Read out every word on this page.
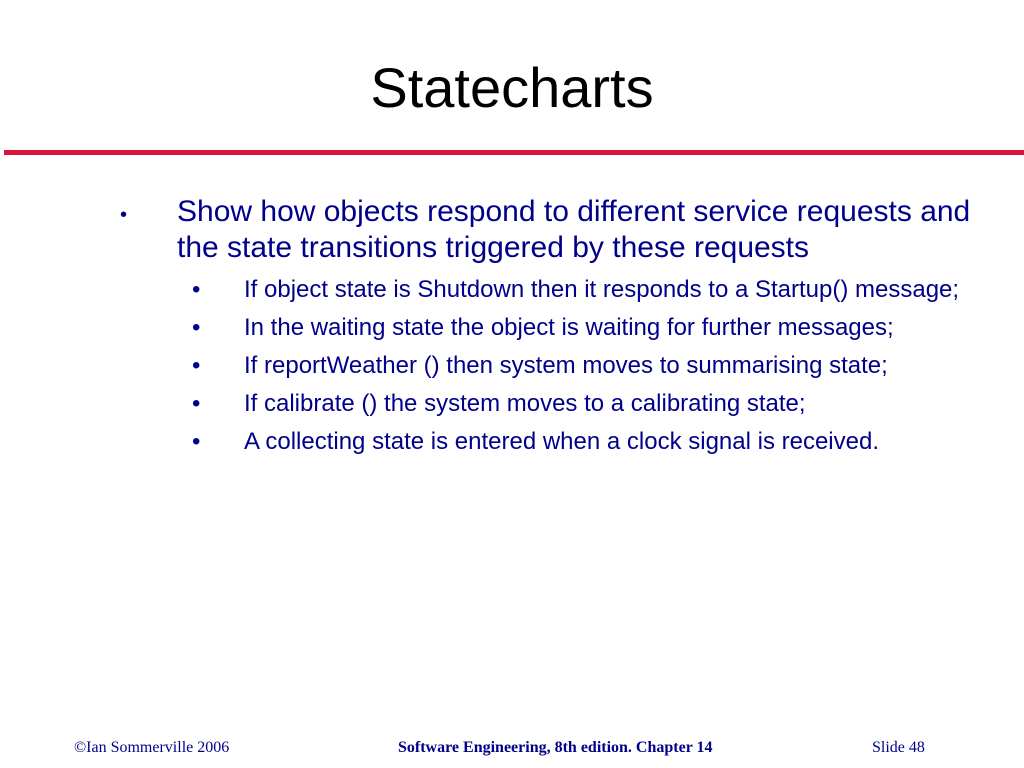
Statecharts
• Show how objects respond to different service requests and the state transitions triggered by these requests
• If object state is Shutdown then it responds to a Startup() message;
• In the waiting state the object is waiting for further messages;
• If reportWeather () then system moves to summarising state;
• If calibrate () the system moves to a calibrating state;
• A collecting state is entered when a clock signal is received.
©Ian Sommerville 2006	Software Engineering, 8th edition. Chapter 14	Slide 48
